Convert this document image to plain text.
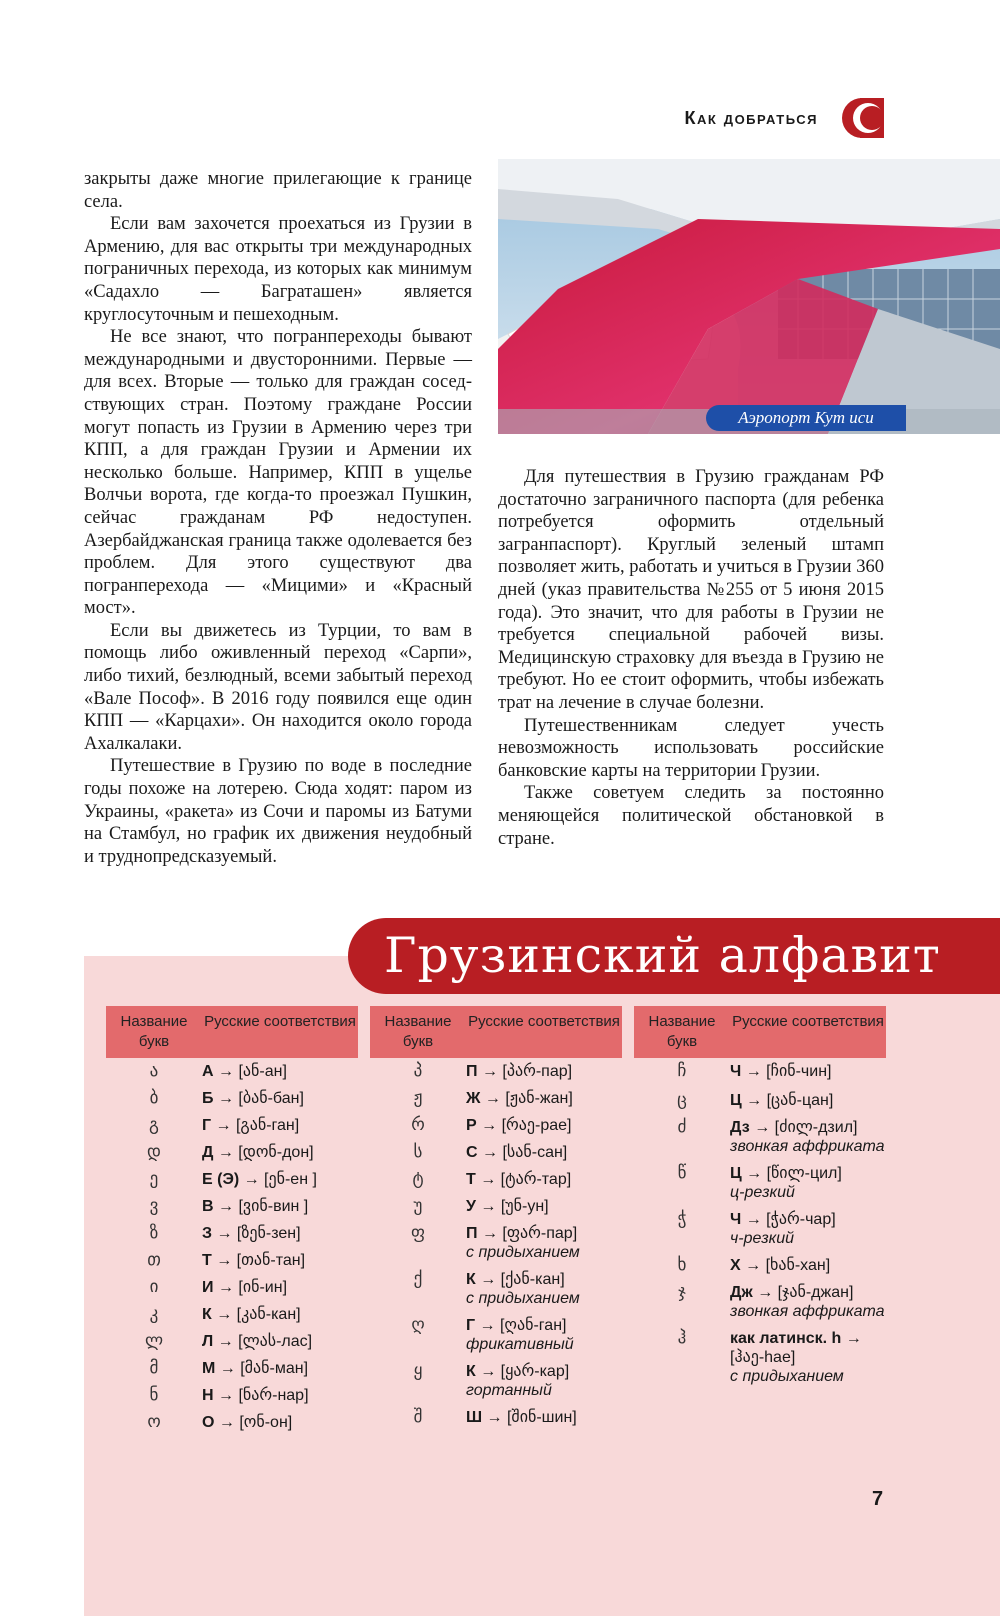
Как добраться

закрыты даже многие прилегающие к границе села.

Если вам захочется проехаться из Грузии в Армению, для вас открыты три международных пограничных перехода, из которых как минимум «Садахло — Баграташен» является круглосуточным и пешеходным.

Не все знают, что погранпереходы бывают международными и двусторонними. Первые — для всех. Вторые — только для граждан соседствующих стран. Поэтому граждане России могут попасть из Грузии в Армению через три КПП, а для граждан Грузии и Армении их несколько больше. Например, КПП в ущелье Волчьи ворота, где когда-то проезжал Пушкин, сейчас гражданам РФ недоступен. Азербайджанская граница также одолевается без проблем. Для этого существуют два погранперехода — «Мицими» и «Красный мост».

Если вы движетесь из Турции, то вам в помощь либо оживленный переход «Сарпи», либо тихий, безлюдный, всеми забытый переход «Вале Пософ». В 2016 году появился еще один КПП — «Карцахи». Он находится около города Ахалкалаки.

Путешествие в Грузию по воде в последние годы похоже на лотерею. Сюда ходят: паром из Украины, «ракета» из Сочи и паромы из Батуми на Стамбул, но график их движения неудобный и труднопредсказуемый.

Аэропорт Кут иси

Для путешествия в Грузию гражданам РФ достаточно заграничного паспорта (для ребенка потребуется оформить отдельный загранпаспорт). Круглый зеленый штамп позволяет жить, работать и учиться в Грузии 360 дней (указ правительства №255 от 5 июня 2015 года). Это значит, что для работы в Грузии не требуется специальной рабочей визы. Медицинскую страховку для въезда в Грузию не требуют. Но ее стоит оформить, чтобы избежать трат на лечение в случае болезни.

Путешественникам следует учесть невозможность использовать российские банковские карты на территории Грузии.

Также советуем следить за постоянно меняющейся политической обстановкой в стране.

Грузинский алфавит
Название букв
Русские соответствия
ა	А → [ან-ан]
ბ	Б → [ბან-бан]
გ	Г → [გან-ган]
დ	Д → [დონ-дон]
ე	Е (Э) → [ენ-ен ]
ვ	В → [ვინ-вин ]
ზ	З → [ზენ-зен]
თ	Т → [თან-тан]
ი	И → [ინ-ин]
კ	К → [კან-кан]
ლ	Л → [ლას-лас]
მ	М → [მან-ман]
ნ	Н → [ნარ-нар]
ო	О → [ონ-он]
Название букв
Русские соответствия
პ	П → [პარ-пар]
ჟ	Ж → [ჟან-жан]
რ	Р → [რაე-рае]
ს	С → [სან-сан]
ტ	Т → [ტარ-тар]
უ	У → [უნ-ун]
ფ	П → [ფარ-пар]
с придыханием
ქ	К → [ქან-кан]
с придыханием
ღ	Г → [ღან-ган]
фрикативный
ყ	К → [ყარ-кар]
гортанный
შ	Ш → [შინ-шин]
Название букв
Русские соответствия
ჩ	Ч → [ჩინ-чин]
ც	Ц → [ცან-цан]
ძ	Дз → [ძილ-дзил]
звонкая аффриката
წ	Ц → [წილ-цил]
ц-резкий
ჭ	Ч → [ჭარ-чар]
ч-резкий
ხ	Х → [ხან-хан]
ჯ	Дж → [ჯან-джан]
звонкая аффриката
ჰ	как латинск. h → [ჰაე-hae]
с придыханием
7
